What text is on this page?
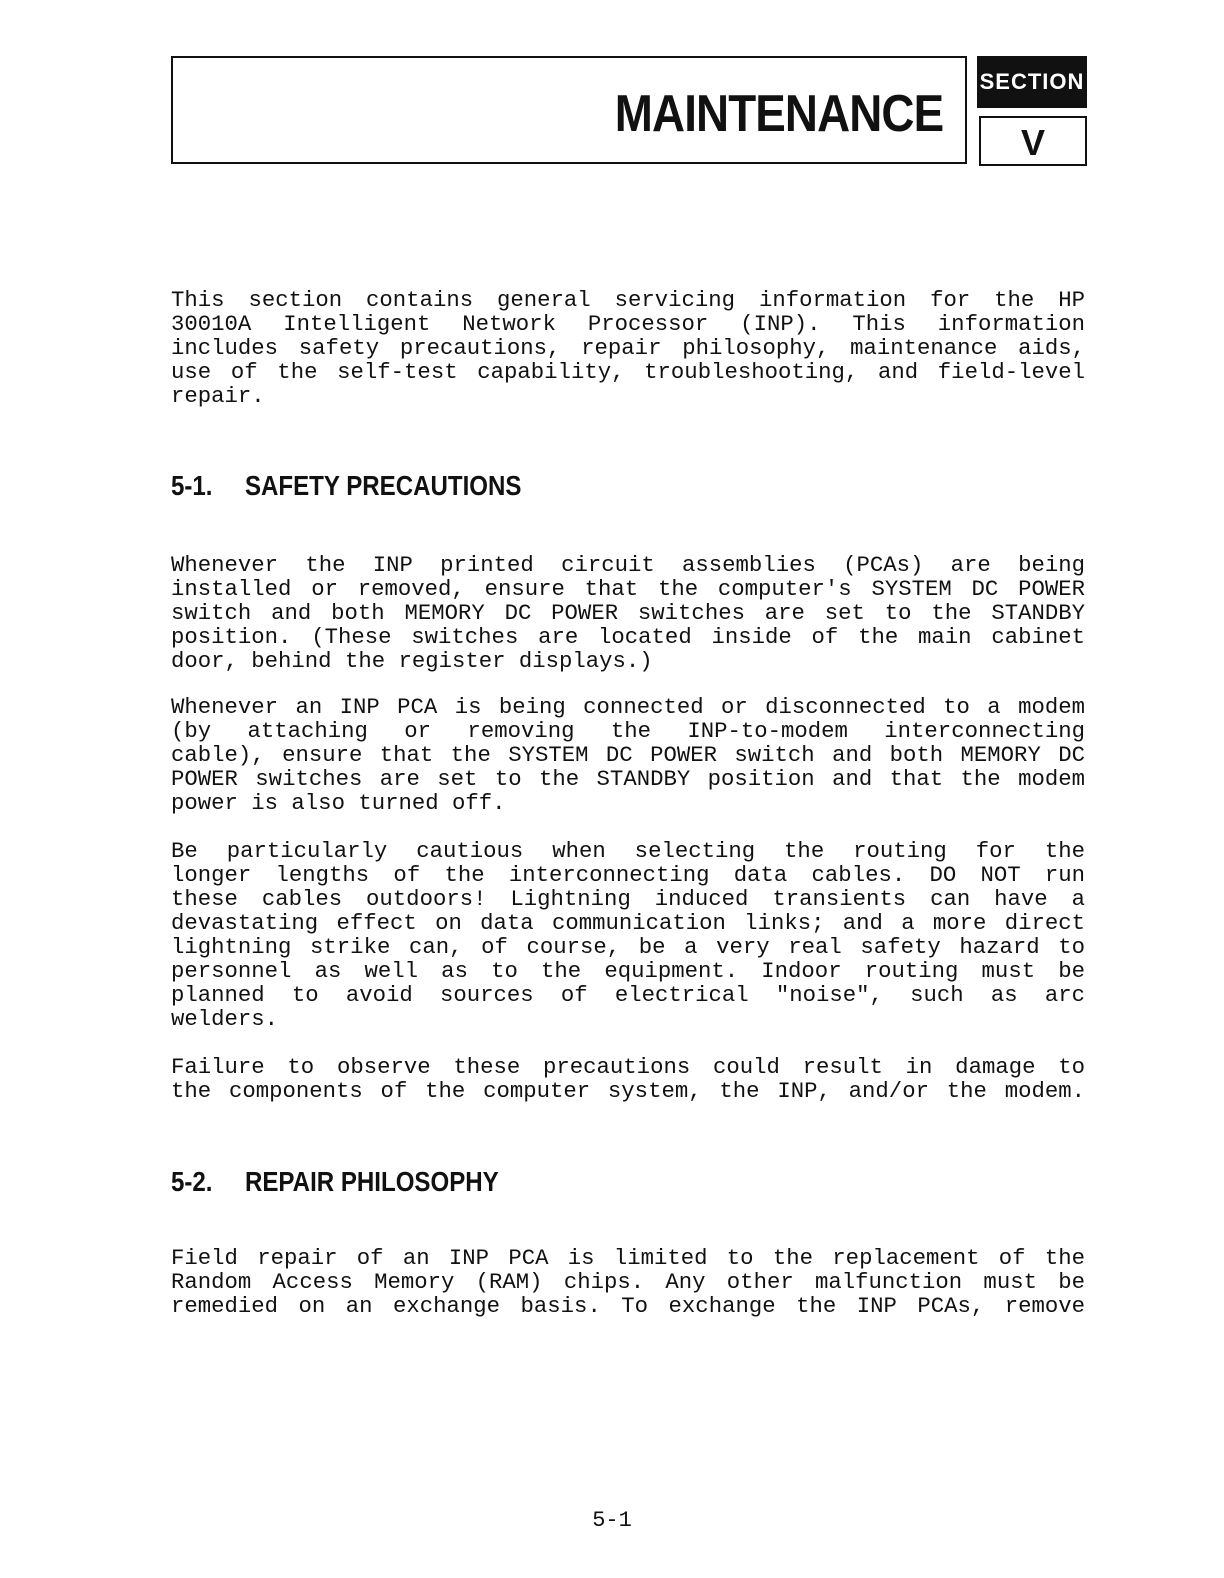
MAINTENANCE
SECTION
V
This section contains general servicing information for the HP
30010A Intelligent Network Processor (INP). This information
includes safety precautions, repair philosophy, maintenance aids,
use of the self-test capability, troubleshooting, and field-level
repair.
5-1. SAFETY PRECAUTIONS
Whenever the INP printed circuit assemblies (PCAs) are being
installed or removed, ensure that the computer's SYSTEM DC POWER
switch and both MEMORY DC POWER switches are set to the STANDBY
position. (These switches are located inside of the main cabinet
door, behind the register displays.)
Whenever an INP PCA is being connected or disconnected to a modem
(by attaching or removing the INP-to-modem interconnecting
cable), ensure that the SYSTEM DC POWER switch and both MEMORY DC
POWER switches are set to the STANDBY position and that the modem
power is also turned off.
Be particularly cautious when selecting the routing for the
longer lengths of the interconnecting data cables. DO NOT run
these cables outdoors! Lightning induced transients can have a
devastating effect on data communication links; and a more direct
lightning strike can, of course, be a very real safety hazard to
personnel as well as to the equipment. Indoor routing must be
planned to avoid sources of electrical "noise", such as arc
welders.
Failure to observe these precautions could result in damage to
the components of the computer system, the INP, and/or the modem.
5-2. REPAIR PHILOSOPHY
Field repair of an INP PCA is limited to the replacement of the
Random Access Memory (RAM) chips. Any other malfunction must be
remedied on an exchange basis. To exchange the INP PCAs, remove
5-1
